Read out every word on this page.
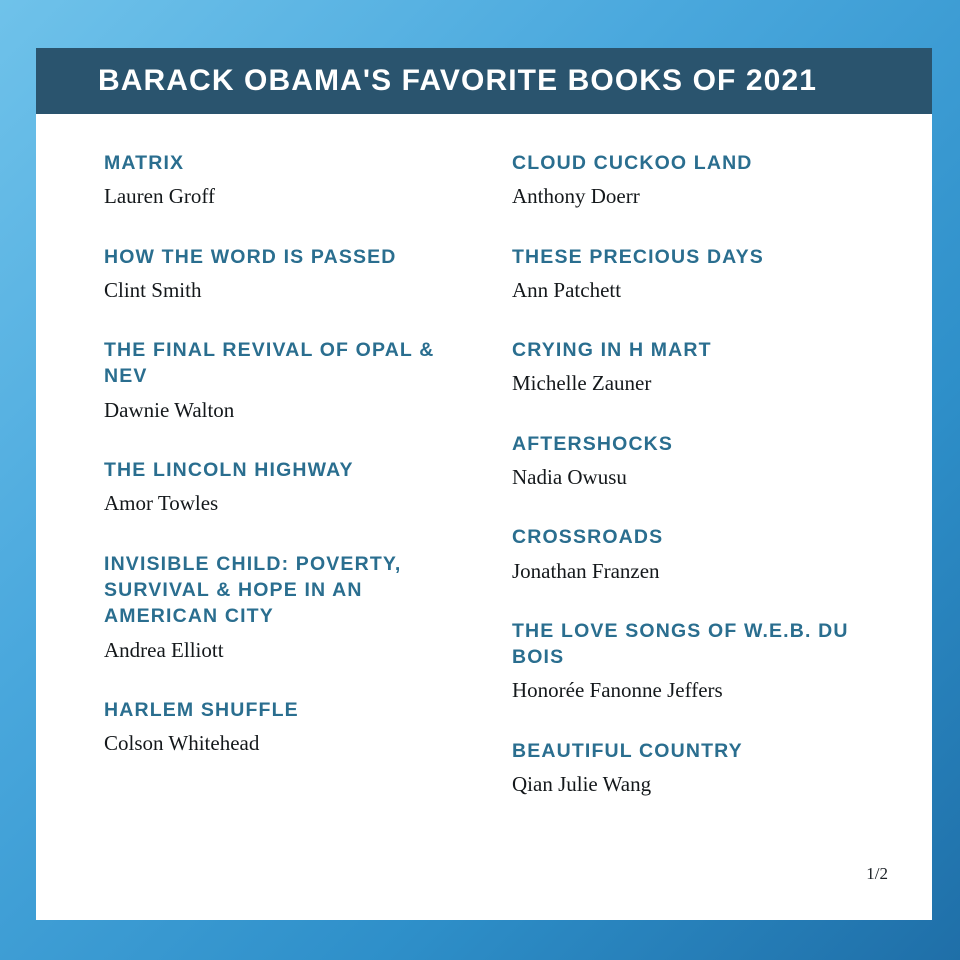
BARACK OBAMA'S FAVORITE BOOKS OF 2021

MATRIX

Lauren Groff

HOW THE WORD IS PASSED

Clint Smith

THE FINAL REVIVAL OF OPAL & NEV

Dawnie Walton

THE LINCOLN HIGHWAY

Amor Towles

INVISIBLE CHILD: POVERTY, SURVIVAL & HOPE IN AN AMERICAN CITY

Andrea Elliott

HARLEM SHUFFLE

Colson Whitehead

CLOUD CUCKOO LAND

Anthony Doerr

THESE PRECIOUS DAYS

Ann Patchett

CRYING IN H MART

Michelle Zauner

AFTERSHOCKS

Nadia Owusu

CROSSROADS

Jonathan Franzen

THE LOVE SONGS OF W.E.B. DU BOIS

Honorée Fanonne Jeffers

BEAUTIFUL COUNTRY

Qian Julie Wang

1/2
